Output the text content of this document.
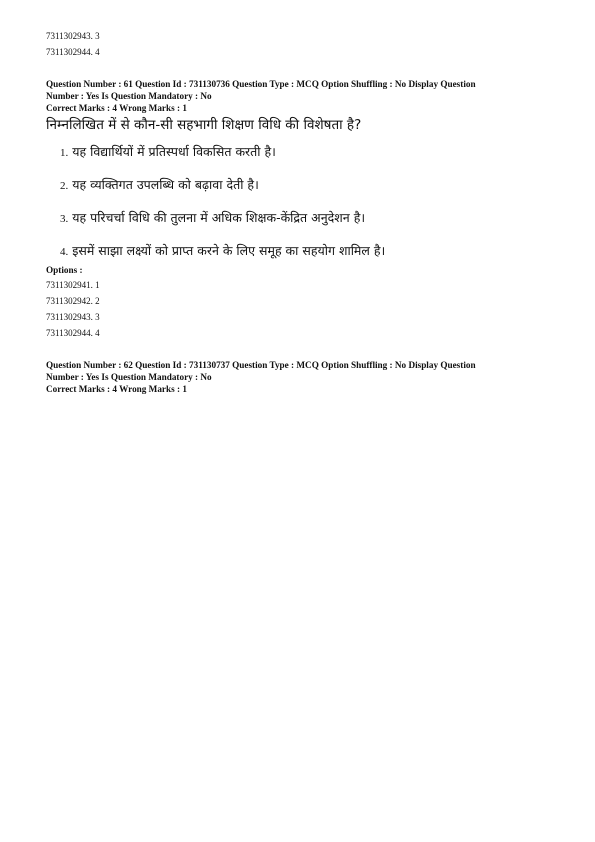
7311302943. 3
7311302944. 4
Question Number : 61 Question Id : 731130736 Question Type : MCQ Option Shuffling : No Display Question
Number : Yes Is Question Mandatory : No
Correct Marks : 4 Wrong Marks : 1
निम्नलिखित में से कौन-सी सहभागी शिक्षण विधि की विशेषता है?
1. यह विद्यार्थियों में प्रतिस्पर्धा विकसित करती है।
2. यह व्यक्तिगत उपलब्धि को बढ़ावा देती है।
3. यह परिचर्चा विधि की तुलना में अधिक शिक्षक-केंद्रित अनुदेशन है।
4. इसमें साझा लक्ष्यों को प्राप्त करने के लिए समूह का सहयोग शामिल है।
Options :
7311302941. 1
7311302942. 2
7311302943. 3
7311302944. 4
Question Number : 62 Question Id : 731130737 Question Type : MCQ Option Shuffling : No Display Question
Number : Yes Is Question Mandatory : No
Correct Marks : 4 Wrong Marks : 1
